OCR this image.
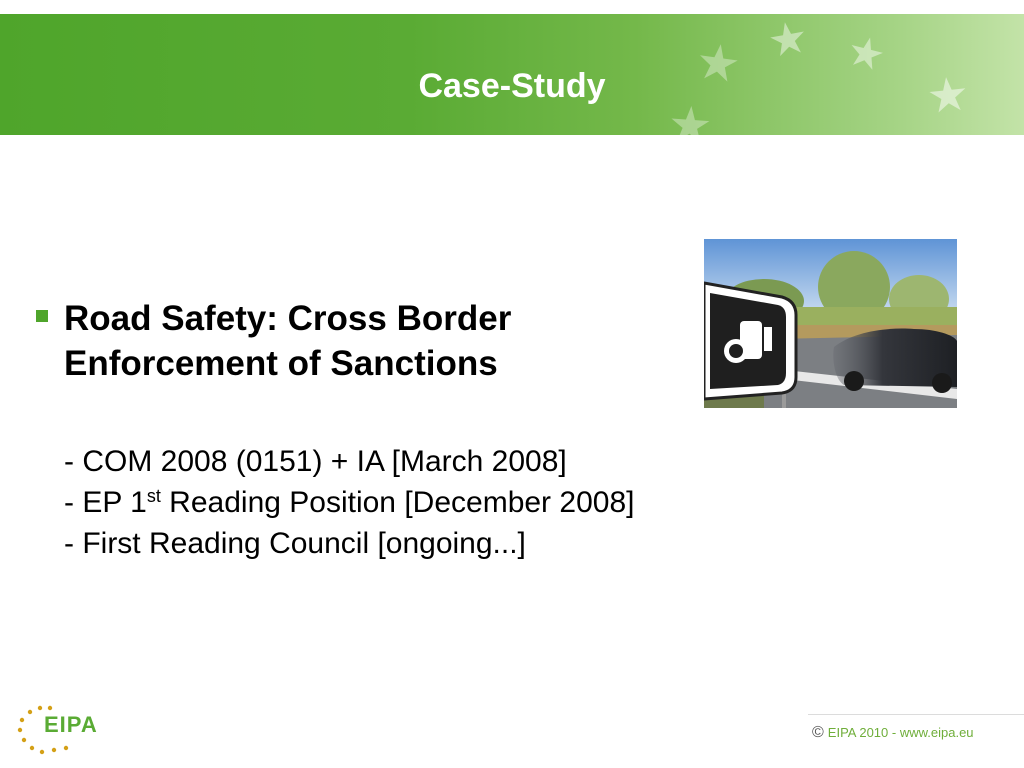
Case-Study
Road Safety: Cross Border
Enforcement of Sanctions
- COM 2008 (0151) + IA [March 2008]
- EP 1st Reading Position [December 2008]
- First Reading Council [ongoing...]
EIPA	© EIPA 2010 - www.eipa.eu
